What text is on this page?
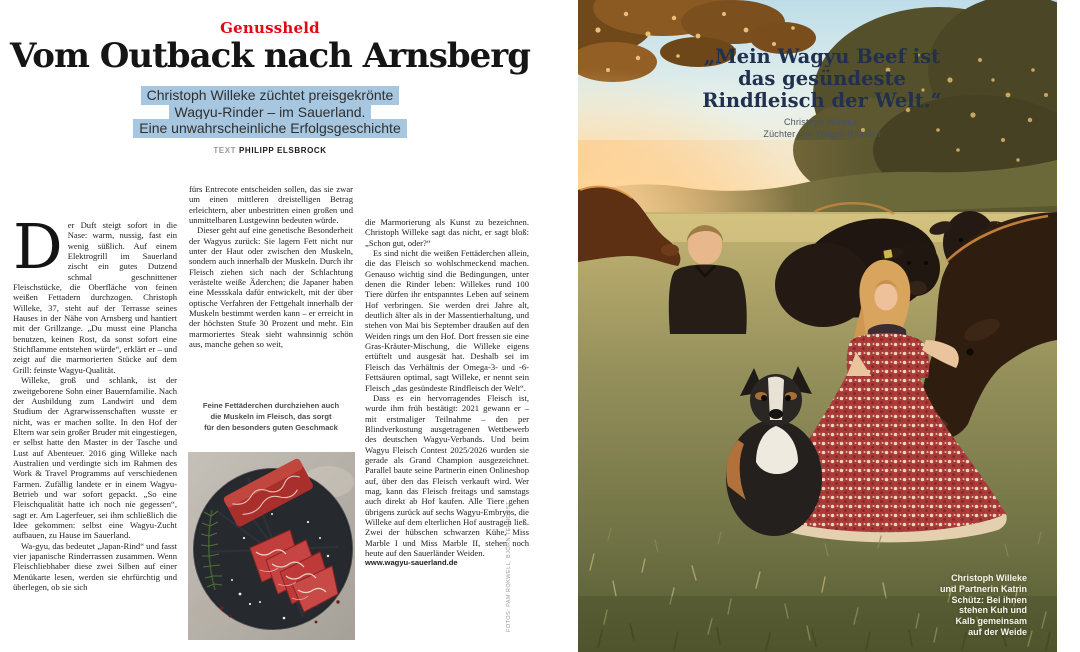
Genussheld
Vom Outback nach Arnsberg
Christoph Willeke züchtet preisgekrönte
Wagyu-Rinder – im Sauerland.
Eine unwahrscheinliche Erfolgsgeschichte
TEXT PHILIPP ELSBROCK

Der Duft steigt sofort in die Nase: warm, nussig, fast ein wenig süßlich. Auf einem Elektrogrill im Sauerland zischt ein gutes Dutzend schmal geschnittener Fleischstücke, die Oberfläche von feinen weißen Fettadern durchzogen. Christoph Willeke, 37, steht auf der Terrasse seines Hauses in der Nähe von Arnsberg und hantiert mit der Grillzange. „Du musst eine Plancha benutzen, keinen Rost, da sonst sofort eine Stichflamme entstehen würde“, erklärt er – und zeigt auf die marmorierten Stücke auf dem Grill: feinste Wagyu-Qualität.

Willeke, groß und schlank, ist der zweitgeborene Sohn einer Bauernfamilie. Nach der Ausbildung zum Landwirt und dem Studium der Agrarwissenschaften wusste er nicht, was er machen sollte. In den Hof der Eltern war sein großer Bruder mit eingestiegen, er selbst hatte den Master in der Tasche und Lust auf Abenteuer. 2016 ging Willeke nach Australien und verdingte sich im Rahmen des Work & Travel Programms auf verschiedenen Farmen. Zufällig landete er in einem Wagyu-Betrieb und war sofort gepackt. „So eine Fleischqualität hatte ich noch nie gegessen“, sagt er. Am Lagerfeuer, sei ihm schließlich die Idee gekommen: selbst eine Wagyu-Zucht aufbauen, zu Hause im Sauerland.

Wa-gyu, das bedeutet „Japan-Rind“ und fasst vier japanische Rinderrassen zusammen. Wenn Fleischliebhaber diese zwei Silben auf einer Menükarte lesen, werden sie ehrfürchtig und überlegen, ob sie sich

fürs Entrecote entscheiden sollen, das sie zwar um einen mittleren dreistelligen Betrag erleichtern, aber unbestritten einen großen und unmittelbaren Lustgewinn bedeuten würde.

Dieser geht auf eine genetische Besonderheit der Wagyus zurück: Sie lagern Fett nicht nur unter der Haut oder zwischen den Muskeln, sondern auch innerhalb der Muskeln. Durch ihr Fleisch ziehen sich nach der Schlachtung verästelte weiße Äderchen; die Japaner haben eine Messskala dafür entwickelt, mit der über optische Verfahren der Fettgehalt innerhalb der Muskeln bestimmt werden kann – er erreicht in der höchsten Stufe 30 Prozent und mehr. Ein marmoriertes Steak sieht wahnsinnig schön aus, manche gehen so weit,

Feine Fettäderchen durchziehen auch
die Muskeln im Fleisch, das sorgt
für den besonders guten Geschmack

die Marmorierung als Kunst zu bezeichnen. Christoph Willeke sagt das nicht, er sagt bloß: „Schon gut, oder?“

Es sind nicht die weißen Fettäderchen allein, die das Fleisch so wohlschmeckend machen. Genauso wichtig sind die Bedingungen, unter denen die Rinder leben: Willekes rund 100 Tiere dürfen ihr entspanntes Leben auf seinem Hof verbringen. Sie werden drei Jahre alt, deutlich älter als in der Massentierhaltung, und stehen von Mai bis September draußen auf den Weiden rings um den Hof. Dort fressen sie eine Gras-Kräuter-Mischung, die Willeke eigens ertüftelt und ausgesät hat. Deshalb sei im Fleisch das Verhältnis der Omega-3- und -6-Fettsäuren optimal, sagt Willeke, er nennt sein Fleisch „das gesündeste Rindfleisch der Welt“.

Dass es ein hervorragendes Fleisch ist, wurde ihm früh bestätigt: 2021 gewann er – mit erstmaliger Teilnahme – den per Blindverkostung ausgetragenen Wettbewerb des deutschen Wagyu-Verbands. Und beim Wagyu Fleisch Contest 2025/2026 wurden sie gerade als Grand Champion ausgezeichnet. Parallel baute seine Partnerin einen Onlineshop auf, über den das Fleisch verkauft wird. Wer mag, kann das Fleisch freitags und samstags auch direkt ab Hof kaufen. Alle Tiere gehen übrigens zurück auf sechs Wagyu-Embryos, die Willeke auf dem elterlichen Hof austragen ließ. Zwei der hübschen schwarzen Kühe, Miss Marble I und Miss Marble II, stehen noch heute auf den Sauerländer Weiden.

www.wagyu-sauerland.de	FOTOS: PAM ROKWELL, BJÖRN TERHORST
„Mein Wagyu Beef ist
das gesündeste
Rindfleisch der Welt.“
Christoph Willeke,
Züchter von Wagyu-Rindern
Christoph Willeke
und Partnerin Katrin
Schütz: Bei ihnen
stehen Kuh und
Kalb gemeinsam
auf der Weide
